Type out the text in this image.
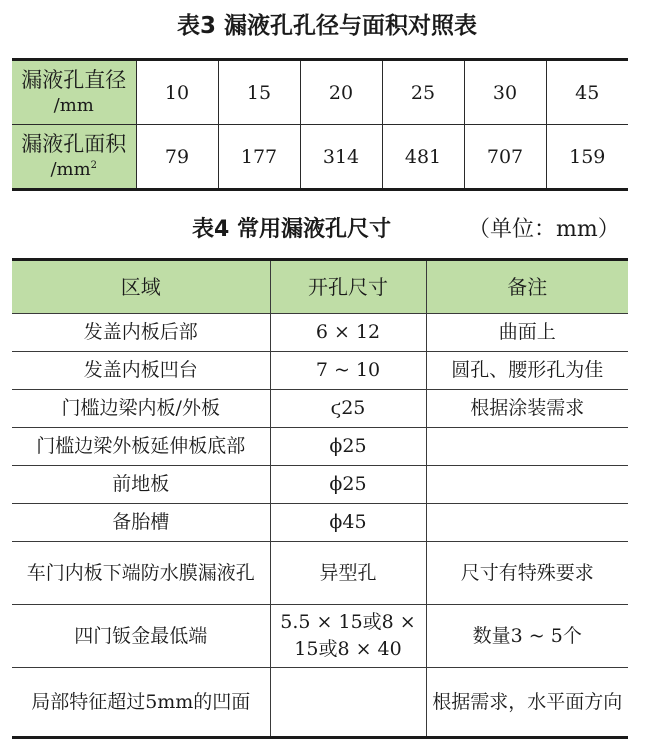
表3 漏液孔孔径与面积对照表
漏液孔直径
/mm	10	15	20	25	30	45

漏液孔面积
$/mm^2$	79	177	314	481	707	159
表4 常用漏液孔尺寸	（单位：mm）
区域	开孔尺寸	备注
发盖内板后部	6 × 12	曲面上
发盖内板凹台	7 ~ 10	圆孔、腰形孔为佳
门槛边梁内板/外板	ϛ25	根据涂装需求
门槛边梁外板延伸板底部	ϕ25	
前地板	ϕ25	
备胎槽	ϕ45	
车门内板下端防水膜漏液孔	异型孔	尺寸有特殊要求
四门钣金最低端	5.5 × 15或8 × 15或8 × 40	数量3 ~ 5个
局部特征超过5mm的凹面		根据需求，水平面方向
